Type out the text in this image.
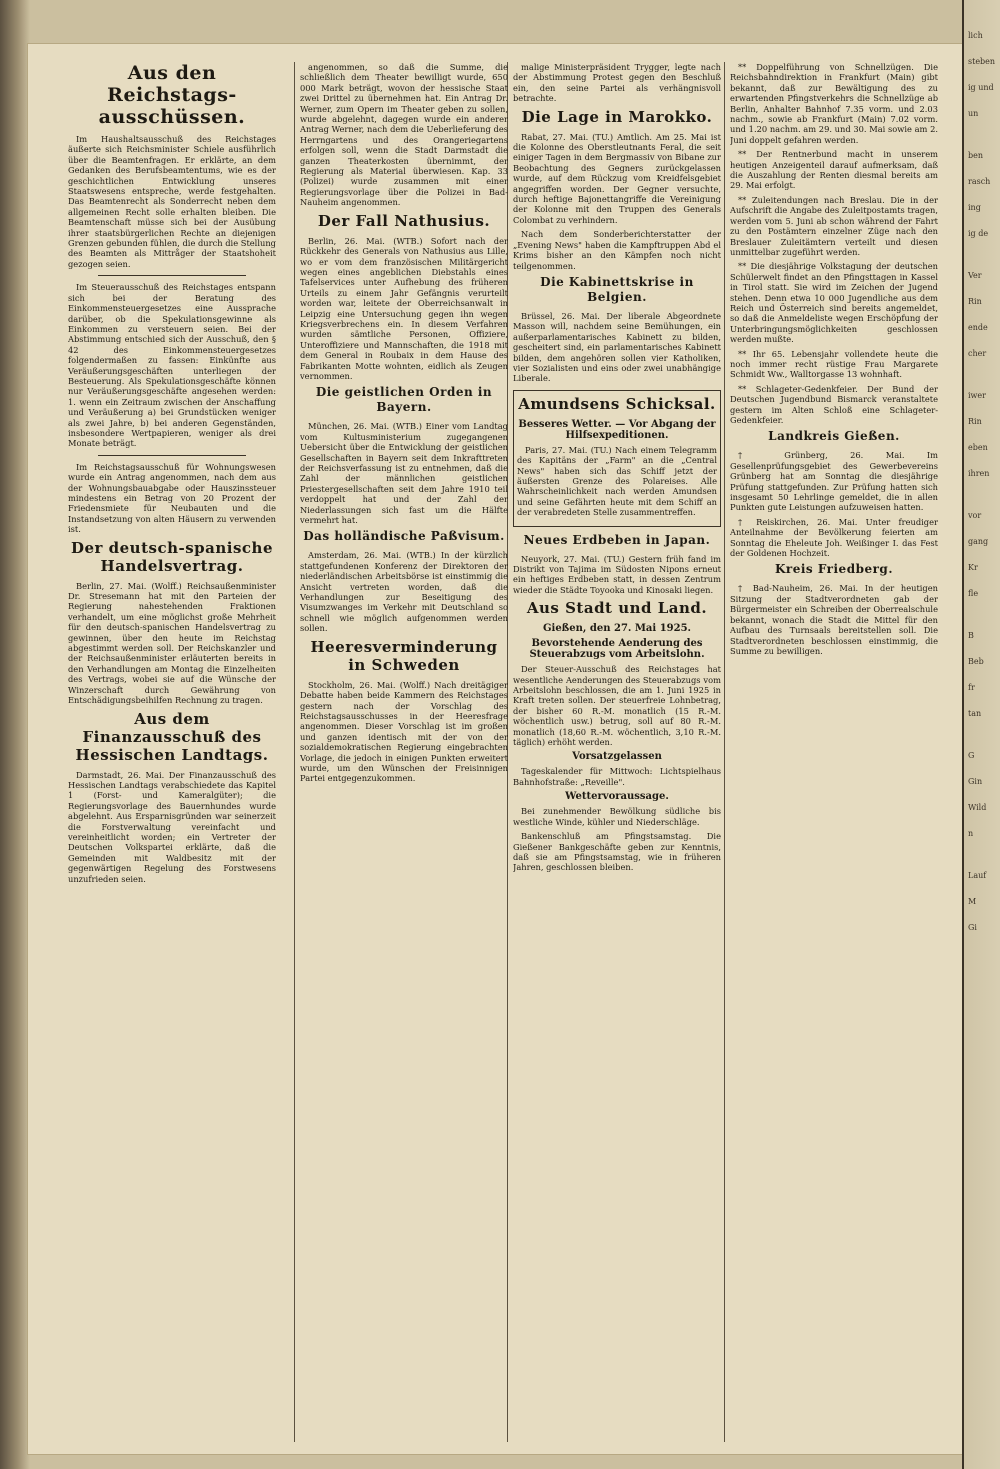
Aus den Reichstags-ausschüssen.

Im Haushaltsausschuß des Reichstages äußerte sich Reichsminister Schiele ausführlich über die Beamtenfragen. Er erklärte, an dem Gedanken des Berufsbeamtentums, wie es der geschichtlichen Entwicklung unseres Staatswesens entspreche, werde festgehalten. Das Beamtenrecht als Sonderrecht neben dem allgemeinen Recht solle erhalten bleiben. Die Beamtenschaft müsse sich bei der Ausübung ihrer staatsbürgerlichen Rechte an diejenigen Grenzen gebunden fühlen, die durch die Stellung des Beamten als Mittråger der Staatshoheit gezogen seien.

Im Steuerausschuß des Reichstages entspann sich bei der Beratung des Einkommensteuergesetzes eine Aussprache darüber, ob die Spekulationsgewinne als Einkommen zu versteuern seien. Bei der Abstimmung entschied sich der Ausschuß, den § 42 des Einkommensteuergesetzes folgendermaßen zu fassen: Einkünfte aus Veräußerungsgeschäften unterliegen der Besteuerung. Als Spekulationsgeschäfte können nur Veräußerungsgeschäfte angesehen werden: 1. wenn ein Zeitraum zwischen der Anschaffung und Veräußerung a) bei Grundstücken weniger als zwei Jahre, b) bei anderen Gegenständen, insbesondere Wertpapieren, weniger als drei Monate beträgt.

Im Reichstagsausschuß für Wohnungswesen wurde ein Antrag angenommen, nach dem aus der Wohnungsbauabgabe oder Hauszinssteuer mindestens ein Betrag von 20 Prozent der Friedensmiete für Neubauten und die Instandsetzung von alten Häusern zu verwenden ist.

Der deutsch-spanische Handelsvertrag.

Berlin, 27. Mai. (Wolff.) Reichsaußenminister Dr. Stresemann hat mit den Parteien der Regierung nahestehenden Fraktionen verhandelt, um eine möglichst große Mehrheit für den deutsch-spanischen Handelsvertrag zu gewinnen, über den heute im Reichstag abgestimmt werden soll. Der Reichskanzler und der Reichsaußenminister erläuterten bereits in den Verhandlungen am Montag die Einzelheiten des Vertrags, wobei sie auf die Wünsche der Winzerschaft durch Gewährung von Entschädigungsbeihilfen Rechnung zu tragen.

Aus dem Finanzausschuß des Hessischen Landtags.

Darmstadt, 26. Mai. Der Finanzausschuß des Hessischen Landtags verabschiedete das Kapitel 1 (Forst- und Kameralgüter); die Regierungsvorlage des Bauernhundes wurde abgelehnt. Aus Ersparnisgründen war seinerzeit die Forstverwaltung vereinfacht und vereinheitlicht worden; ein Vertreter der Deutschen Volkspartei erklärte, daß die Gemeinden mit Waldbesitz mit der gegenwärtigen Regelung des Forstwesens unzufrieden seien.

angenommen, so daß die Summe, die schließlich dem Theater bewilligt wurde, 650 000 Mark beträgt, wovon der hessische Staat zwei Drittel zu übernehmen hat. Ein Antrag Dr. Werner, zum Opern im Theater geben zu sollen, wurde abgelehnt, dagegen wurde ein anderer Antrag Werner, nach dem die Ueberlieferung des Herrngartens und des Orangeriegartens erfolgen soll, wenn die Stadt Darmstadt die ganzen Theaterkosten übernimmt, der Regierung als Material überwiesen. Kap. 33 (Polizei) wurde zusammen mit einer Regierungsvorlage über die Polizei in Bad-Nauheim angenommen.

Der Fall Nathusius.

Berlin, 26. Mai. (WTB.) Sofort nach der Rückkehr des Generals von Nathusius aus Lille, wo er vom dem französischen Militärgericht wegen eines angeblichen Diebstahls eines Tafelservices unter Aufhebung des früheren Urteils zu einem Jahr Gefängnis verurteilt worden war, leitete der Oberreichsanwalt in Leipzig eine Untersuchung gegen ihn wegen Kriegsverbrechens ein. In diesem Verfahren wurden sämtliche Personen, Offiziere, Unteroffiziere und Mannschaften, die 1918 mit dem General in Roubaix in dem Hause des Fabrikanten Motte wohnten, eidlich als Zeugen vernommen.

Die geistlichen Orden in Bayern.

München, 26. Mai. (WTB.) Einer vom Landtag vom Kultusministerium zugegangenen Uebersicht über die Entwicklung der geistlichen Gesellschaften in Bayern seit dem Inkrafttreten der Reichsverfassung ist zu entnehmen, daß die Zahl der männlichen geistlichen Priestergesellschaften seit dem Jahre 1910 teil verdoppelt hat und der Zahl der Niederlassungen sich fast um die Hälfte vermehrt hat.

Das holländische Paßvisum.

Amsterdam, 26. Mai. (WTB.) In der kürzlich stattgefundenen Konferenz der Direktoren der niederländischen Arbeitsbörse ist einstimmig die Ansicht vertreten worden, daß die Verhandlungen zur Beseitigung des Visumzwanges im Verkehr mit Deutschland so schnell wie möglich aufgenommen werden sollen.

Heeresverminderung in Schweden

Stockholm, 26. Mai. (Wolff.) Nach dreitägiger Debatte haben beide Kammern des Reichstages gestern nach der Vorschlag des Reichstagsausschusses in der Heeresfrage angenommen. Dieser Vorschlag ist im großen und ganzen identisch mit der von der sozialdemokratischen Regierung eingebrachten Vorlage, die jedoch in einigen Punkten erweitert wurde, um den Wünschen der Freisinnigen Partei entgegenzukommen.

malige Ministerpräsident Trygger, legte nach der Abstimmung Protest gegen den Beschluß ein, den seine Partei als verhängnisvoll betrachte.

Die Lage in Marokko.

Rabat, 27. Mai. (TU.) Amtlich. Am 25. Mai ist die Kolonne des Oberstleutnants Feral, die seit einiger Tagen in dem Bergmassiv von Bibane zur Beobachtung des Gegners zurückgelassen wurde, auf dem Rückzug vom Kreidfelsgebiet angegriffen worden. Der Gegner versuchte, durch heftige Bajonettangriffe die Vereinigung der Kolonne mit den Truppen des Generals Colombat zu verhindern.

Nach dem Sonderberichterstatter der „Evening News" haben die Kampftruppen Abd el Krims bisher an den Kämpfen noch nicht teilgenommen.

Die Kabinettskrise in Belgien.

Brüssel, 26. Mai. Der liberale Abgeordnete Masson will, nachdem seine Bemühungen, ein außerparlamentarisches Kabinett zu bilden, gescheitert sind, ein parlamentarisches Kabinett bilden, dem angehören sollen vier Katholiken, vier Sozialisten und eins oder zwei unabhängige Liberale.

Amundsens Schicksal.
Besseres Wetter. — Vor Abgang der Hilfsexpeditionen.

Paris, 27. Mai. (TU.) Nach einem Telegramm des Kapitäns der „Farm" an die „Central News" haben sich das Schiff jetzt der äußersten Grenze des Polareises. Alle Wahrscheinlichkeit nach werden Amundsen und seine Gefährten heute mit dem Schiff an der verabredeten Stelle zusammentreffen.

Neues Erdbeben in Japan.

Neuyork, 27. Mai. (TU.) Gestern früh fand im Distrikt von Tajima im Südosten Nipons erneut ein heftiges Erdbeben statt, in dessen Zentrum wieder die Städte Toyooka und Kinosaki liegen.

Aus Stadt und Land.
Gießen, den 27. Mai 1925.
Bevorstehende Aenderung des Steuerabzugs vom Arbeitslohn.

Der Steuer-Ausschuß des Reichstages hat wesentliche Aenderungen des Steuerabzugs vom Arbeitslohn beschlossen, die am 1. Juni 1925 in Kraft treten sollen. Der steuerfreie Lohnbetrag, der bisher 60 R.-M. monatlich (15 R.-M. wöchentlich usw.) betrug, soll auf 80 R.-M. monatlich (18,60 R.-M. wöchentlich, 3,10 R.-M. täglich) erhöht werden.

Vorsatzgelassen

Tageskalender für Mittwoch: Lichtspielhaus Bahnhofstraße: „Reveille".

Wettervoraussage.

Bei zunehmender Bewölkung südliche bis westliche Winde, kühler und Niederschläge.

Bankenschluß am Pfingstsamstag. Die Gießener Bankgeschäfte geben zur Kenntnis, daß sie am Pfingstsamstag, wie in früheren Jahren, geschlossen bleiben.

** Doppelführung von Schnellzügen. Die Reichsbahndirektion in Frankfurt (Main) gibt bekannt, daß zur Bewältigung des zu erwartenden Pfingstverkehrs die Schnellzüge ab Berlin, Anhalter Bahnhof 7.35 vorm. und 2.03 nachm., sowie ab Frankfurt (Main) 7.02 vorm. und 1.20 nachm. am 29. und 30. Mai sowie am 2. Juni doppelt gefahren werden.

** Der Rentnerbund macht in unserem heutigen Anzeigenteil darauf aufmerksam, daß die Auszahlung der Renten diesmal bereits am 29. Mai erfolgt.

** Zuleitendungen nach Breslau. Die in der Aufschrift die Angabe des Zuleitpostamts tragen, werden vom 5. Juni ab schon während der Fahrt zu den Postämtern einzelner Züge nach den Breslauer Zuleitämtern verteilt und diesen unmittelbar zugeführt werden.

** Die diesjährige Volkstagung der deutschen Schülerwelt findet an den Pfingsttagen in Kassel in Tirol statt. Sie wird im Zeichen der Jugend stehen. Denn etwa 10 000 Jugendliche aus dem Reich und Österreich sind bereits angemeldet, so daß die Anmeldeliste wegen Erschöpfung der Unterbringungsmöglichkeiten geschlossen werden mußte.

** Ihr 65. Lebensjahr vollendete heute die noch immer recht rüstige Frau Margarete Schmidt Ww., Walltorgasse 13 wohnhaft.

** Schlageter-Gedenkfeier. Der Bund der Deutschen Jugendbund Bismarck veranstaltete gestern im Alten Schloß eine Schlageter-Gedenkfeier.

Landkreis Gießen.

† Grünberg, 26. Mai. Im Gesellenprüfungsgebiet des Gewerbevereins Grünberg hat am Sonntag die diesjährige Prüfung stattgefunden. Zur Prüfung hatten sich insgesamt 50 Lehrlinge gemeldet, die in allen Punkten gute Leistungen aufzuweisen hatten.

† Reiskirchen, 26. Mai. Unter freudiger Anteilnahme der Bevölkerung feierten am Sonntag die Eheleute Joh. Weißinger I. das Fest der Goldenen Hochzeit.

Kreis Friedberg.

† Bad-Nauheim, 26. Mai. In der heutigen Sitzung der Stadtverordneten gab der Bürgermeister ein Schreiben der Oberrealschule bekannt, wonach die Stadt die Mittel für den Aufbau des Turnsaals bereitstellen soll. Die Stadtverordneten beschlossen einstimmig, die Summe zu bewilligen.

lich
steben
ig und
un
ben
rasch
ing
ig de
Ver
Rin
ende
cher
iwer
Rin
eben
ihren
vor
gang
Kr
fle
B
Beb
fr
tan
G
Gin
Wild
n
Lauf
M
Gi
